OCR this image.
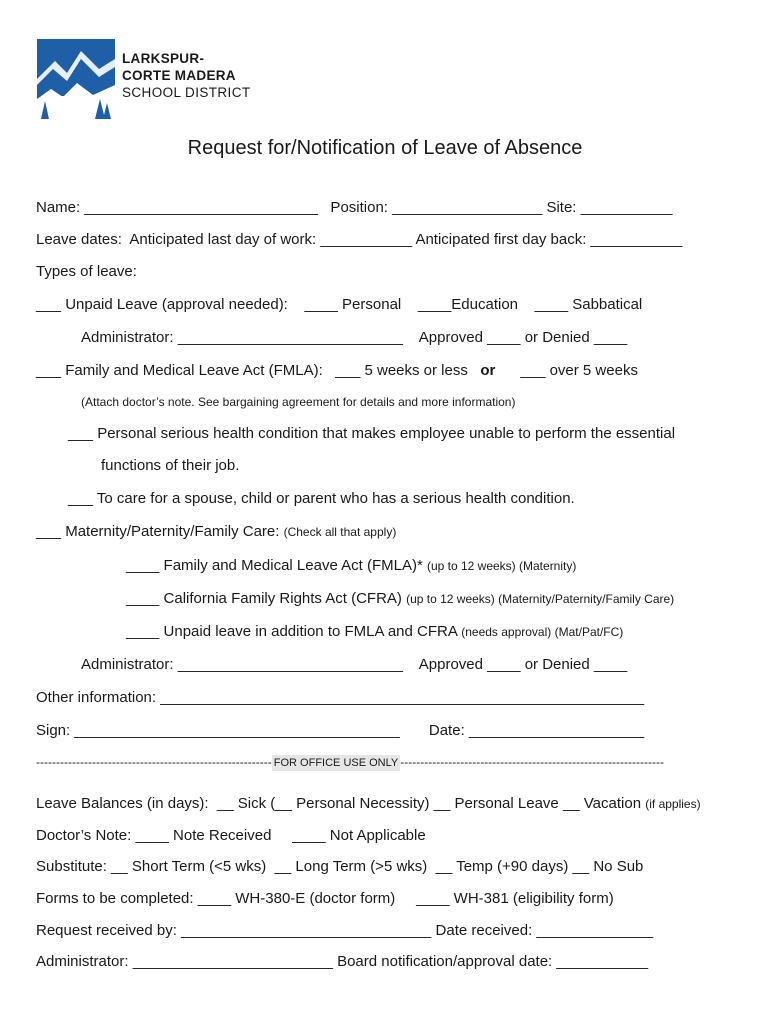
LARKSPUR-
CORTE MADERA
SCHOOL DISTRICT
Request for/Notification of Leave of Absence
Name: ____________________________   Position: __________________ Site: ___________
Leave dates:  Anticipated last day of work: ___________ Anticipated first day back: ___________
Types of leave:
___ Unpaid Leave (approval needed):    ____ Personal    ____Education    ____ Sabbatical
Administrator: ___________________________    Approved ____ or Denied ____
___ Family and Medical Leave Act (FMLA):   ___ 5 weeks or less   or      ___ over 5 weeks
(Attach doctor’s note. See bargaining agreement for details and more information)
___ Personal serious health condition that makes employee unable to perform the essential
functions of their job.
___ To care for a spouse, child or parent who has a serious health condition.
___ Maternity/Paternity/Family Care: (Check all that apply)
____ Family and Medical Leave Act (FMLA)* (up to 12 weeks) (Maternity)
____ California Family Rights Act (CFRA) (up to 12 weeks) (Maternity/Paternity/Family Care)
____ Unpaid leave in addition to FMLA and CFRA (needs approval) (Mat/Pat/FC)
Administrator: ___________________________    Approved ____ or Denied ____
Other information: __________________________________________________________
Sign: _______________________________________       Date: _____________________
----------------------------------------------------------- FOR OFFICE USE ONLY ------------------------------------------------------------------
Leave Balances (in days):  __ Sick (__ Personal Necessity) __ Personal Leave __ Vacation (if applies)
Doctor’s Note: ____ Note Received     ____ Not Applicable
Substitute: __ Short Term (<5 wks)  __ Long Term (>5 wks)  __ Temp (+90 days) __ No Sub
Forms to be completed: ____ WH-380-E (doctor form)     ____ WH-381 (eligibility form)
Request received by: ______________________________ Date received: ______________
Administrator: ________________________ Board notification/approval date: ___________
